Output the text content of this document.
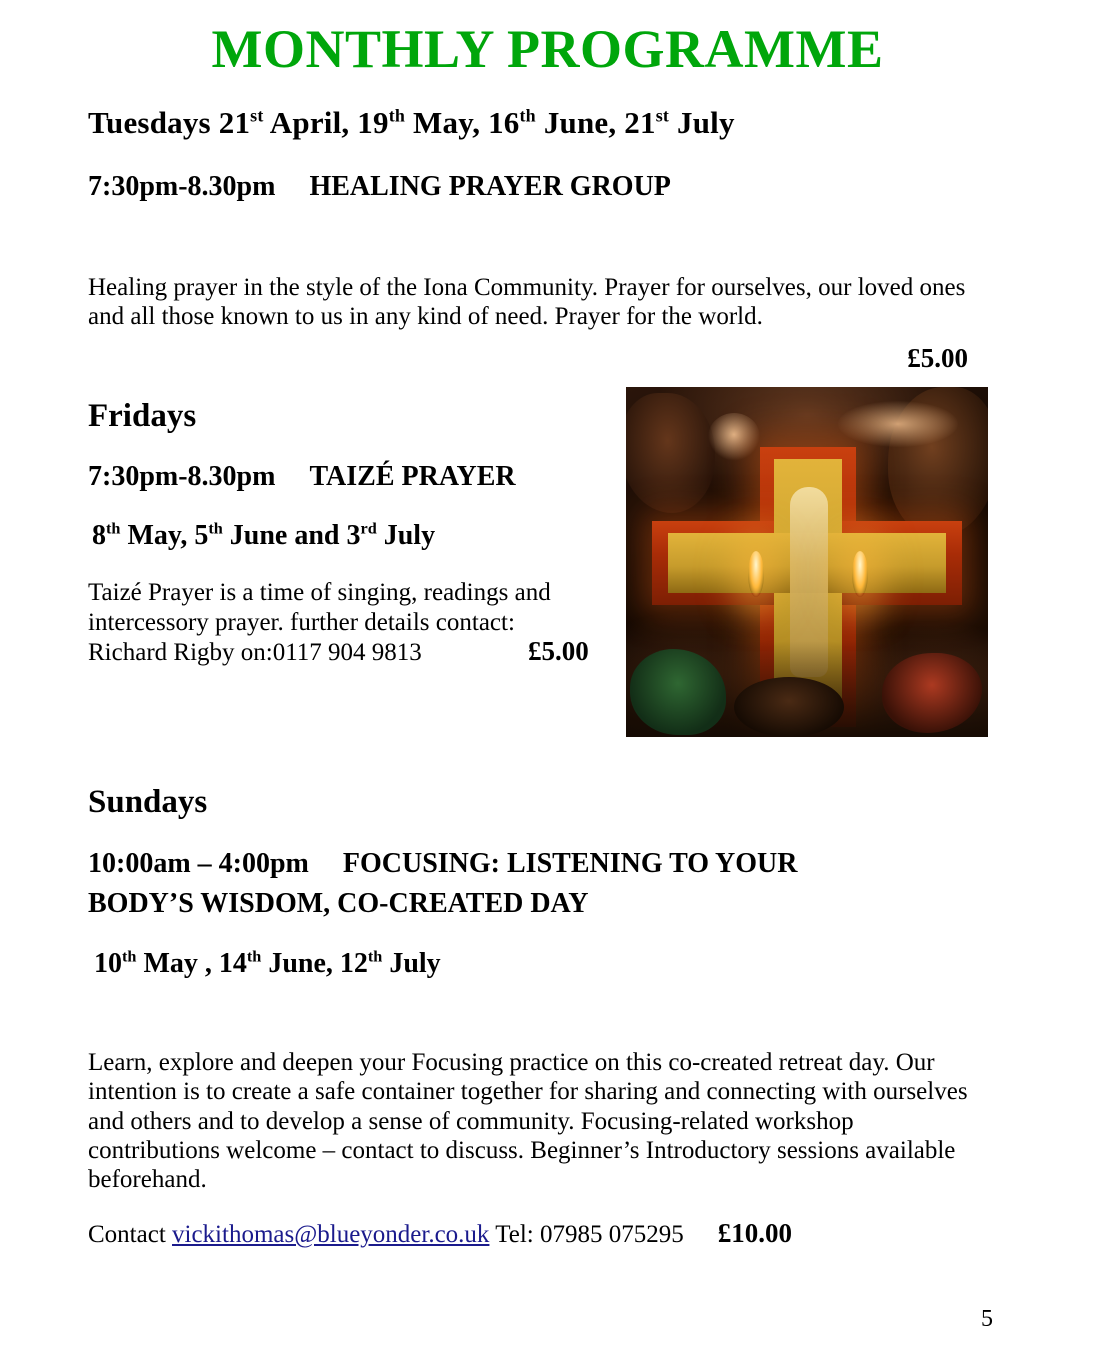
MONTHLY PROGRAMME
Tuesdays 21st April, 19th May, 16th June, 21st July
7:30pm-8.30pm HEALING PRAYER GROUP
Healing prayer in the style of the Iona Community. Prayer for ourselves, our loved ones and all those known to us in any kind of need. Prayer for the world.
£5.00
Fridays
7:30pm-8.30pm TAIZÉ PRAYER
8th May, 5th June and 3rd July
Taizé Prayer is a time of singing, readings and
intercessory prayer. further details contact:
Richard Rigby on:0117 904 9813	£5.00
Sundays
10:00am – 4:00pm FOCUSING: LISTENING TO YOUR
BODY’S WISDOM, CO-CREATED DAY
10th May , 14th June, 12th July
Learn, explore and deepen your Focusing practice on this co-created retreat day. Our intention is to create a safe container together for sharing and connecting with ourselves and others and to develop a sense of community. Focusing-related workshop contributions welcome – contact to discuss. Beginner’s Introductory sessions available beforehand.
Contact vickithomas@blueyonder.co.uk Tel: 07985 075295 £10.00
5
